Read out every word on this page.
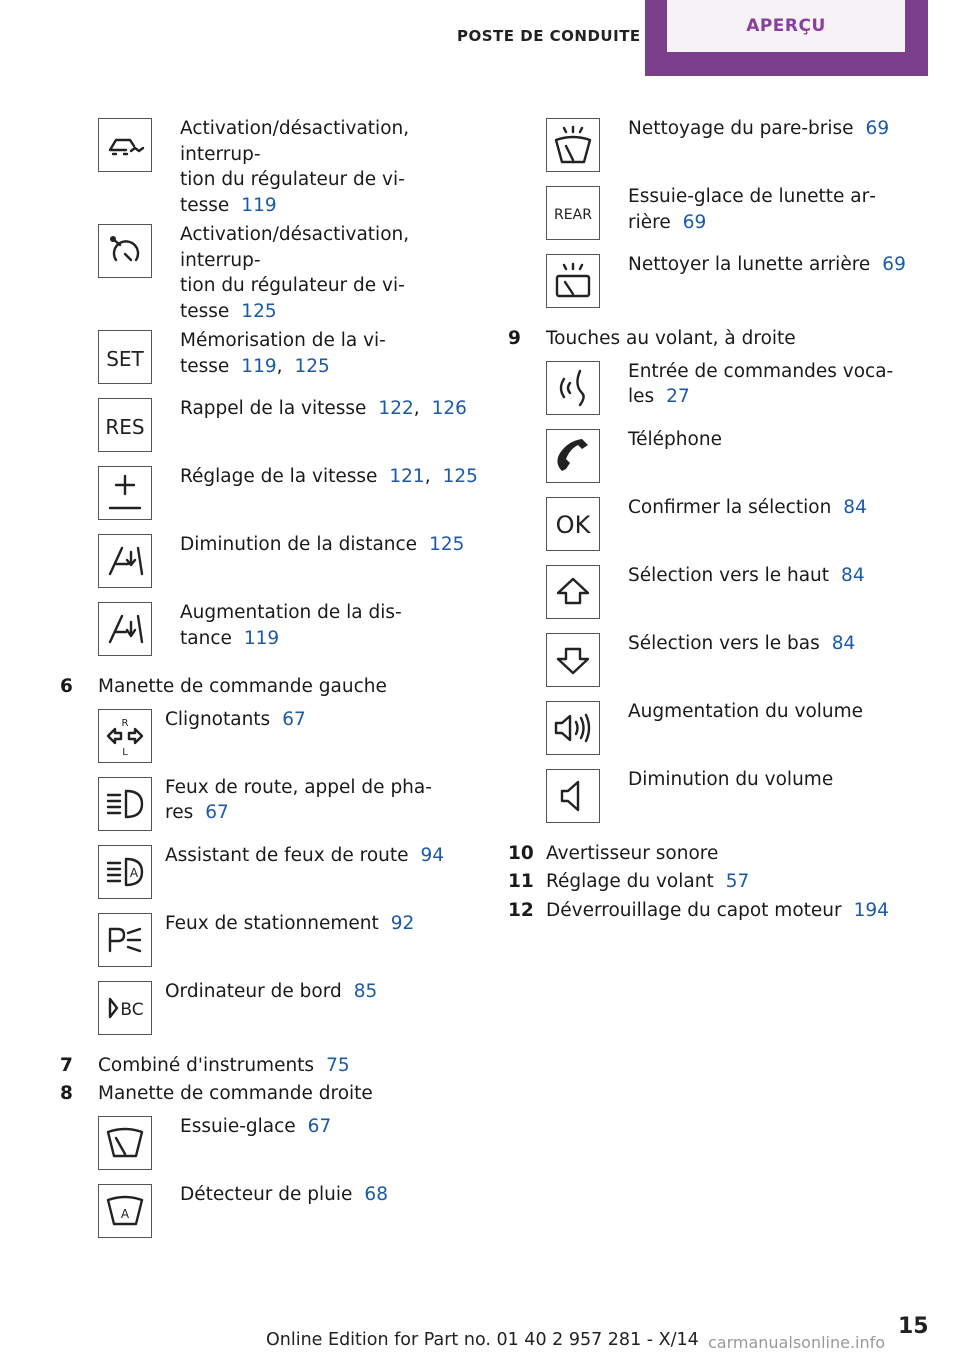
POSTE DE CONDUITE	APERÇU
Activation/désactivation, interrup‐
tion du régulateur de vi‐
tesse 119
Activation/désactivation, interrup‐
tion du régulateur de vi‐
tesse 125
SET
Mémorisation de la vi‐
tesse 119, 125
RES
Rappel de la vitesse 122, 126
Réglage de la vitesse 121, 125
Diminution de la distance 125
Augmentation de la dis‐
tance 119
6	Manette de commande gauche
R
L
Clignotants 67
Feux de route, appel de pha‐
res 67
A
Assistant de feux de route 94
Feux de stationnement 92
BC
Ordinateur de bord 85
7	Combiné d'instruments 75
8	Manette de commande droite
Essuie-glace 67
A
Détecteur de pluie 68
Nettoyage du pare-brise 69
REAR
Essuie-glace de lunette ar‐
rière 69
Nettoyer la lunette arrière 69
9	Touches au volant, à droite
Entrée de commandes voca‐
les 27
Téléphone
OK
Confirmer la sélection 84
Sélection vers le haut 84
Sélection vers le bas 84
Augmentation du volume
Diminution du volume
10 Avertisseur sonore
11 Réglage du volant 57
12 Déverrouillage du capot moteur 194
Online Edition for Part no. 01 40 2 957 281 - X/14
15
carmanualsonline.info
